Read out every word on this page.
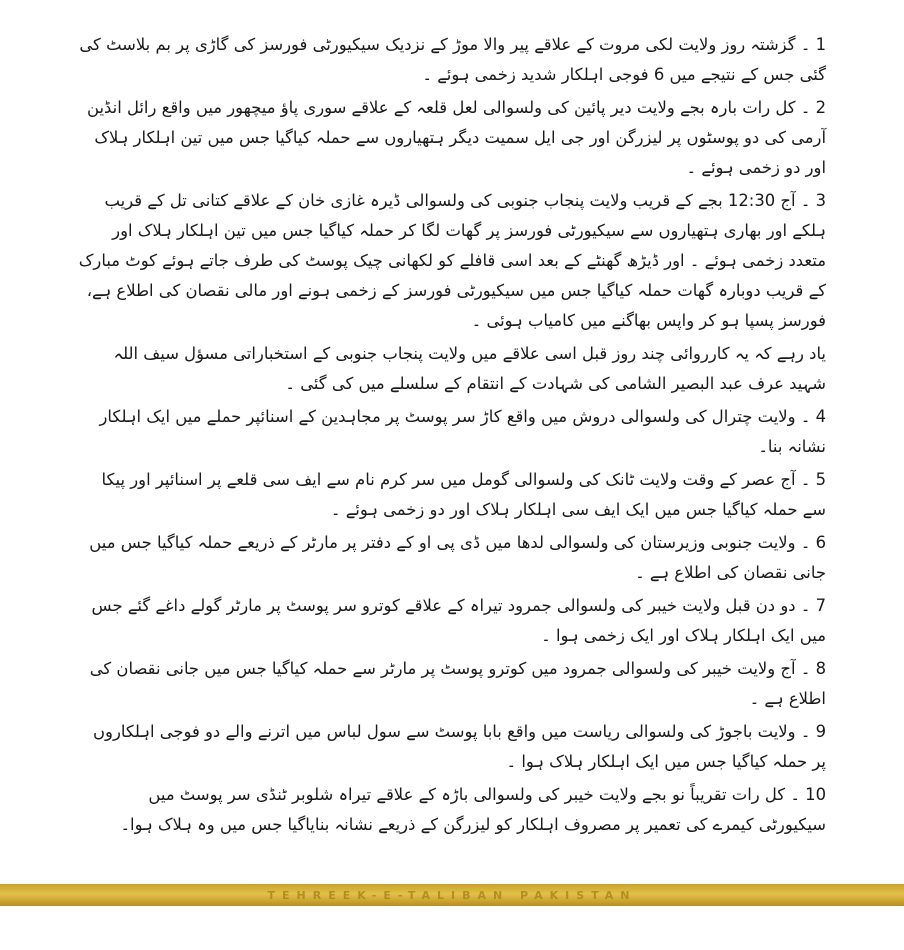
1 ۔ گزشتہ روز ولایت لکی مروت کے علاقے پیر والا موڑ کے نزدیک سیکیورٹی فورسز کی گاڑی پر بم بلاسٹ کی گئی جس کے نتیجے میں 6 فوجی اہلکار شدید زخمی ہوئے ۔

2 ۔ کل رات بارہ بجے ولایت دیر پائین کی ولسوالی لعل قلعہ کے علاقے سوری پاؤ میچھور میں واقع رائل انڈین آرمی کی دو پوسٹوں پر لیزرگن اور جی ایل سمیت دیگر ہتھیاروں سے حملہ کیاگیا جس میں تین اہلکار ہلاک اور دو زخمی ہوئے ۔

3 ۔ آج 12:30 بجے کے قریب ولایت پنجاب جنوبی کی ولسوالی ڈیرہ غازی خان کے علاقے کتانی تل کے قریب ہلکے اور بھاری ہتھیاروں سے سیکیورٹی فورسز پر گھات لگا کر حملہ کیاگیا جس میں تین اہلکار ہلاک اور متعدد زخمی ہوئے ۔ اور ڈیڑھ گھنٹے کے بعد اسی قافلے کو لکھانی چیک پوسٹ کی طرف جاتے ہوئے کوٹ مبارک کے قریب دوبارہ گھات حملہ کیاگیا جس میں سیکیورٹی فورسز کے زخمی ہونے اور مالی نقصان کی اطلاع ہے، فورسز پسپا ہو کر واپس بھاگنے میں کامیاب ہوئی ۔

یاد رہے کہ یہ کارروائی چند روز قبل اسی علاقے میں ولایت پنجاب جنوبی کے استخباراتی مسؤل سیف اللہ شہید عرف عبد البصیر الشامی کی شہادت کے انتقام کے سلسلے میں کی گئی ۔

4 ۔ ولایت چترال کی ولسوالی دروش میں واقع کاڑ سر پوسٹ پر مجاہدین کے اسنائپر حملے میں ایک اہلکار نشانہ بنا۔

5 ۔ آج عصر کے وقت ولایت ٹانک کی ولسوالی گومل میں سر کرم نام سے ایف سی قلعے پر اسنائپر اور پیکا سے حملہ کیاگیا جس میں ایک ایف سی اہلکار ہلاک اور دو زخمی ہوئے ۔

6 ۔ ولایت جنوبی وزیرستان کی ولسوالی لدھا میں ڈی پی او کے دفتر پر مارٹر کے ذریعے حملہ کیاگیا جس میں جانی نقصان کی اطلاع ہے ۔

7 ۔ دو دن قبل ولایت خیبر کی ولسوالی جمرود تیراہ کے علاقے کوترو سر پوسٹ پر مارٹر گولے داغے گئے جس میں ایک اہلکار ہلاک اور ایک زخمی ہوا ۔

8 ۔ آج ولایت خیبر کی ولسوالی جمرود میں کوترو پوسٹ پر مارٹر سے حملہ کیاگیا جس میں جانی نقصان کی اطلاع ہے ۔

9 ۔ ولایت باجوڑ کی ولسوالی ریاست میں واقع بابا پوسٹ سے سول لباس میں اترنے والے دو فوجی اہلکاروں پر حملہ کیاگیا جس میں ایک اہلکار ہلاک ہوا ۔

10 ۔ کل رات تقریباً نو بجے ولایت خیبر کی ولسوالی باڑہ کے علاقے تیراہ شلوبر ٹنڈی سر پوسٹ میں سیکیورٹی کیمرے کی تعمیر پر مصروف اہلکار کو لیزرگن کے ذریعے نشانہ بنایاگیا جس میں وہ ہلاک ہوا۔

TEHREEK-E-TALIBAN PAKISTAN
